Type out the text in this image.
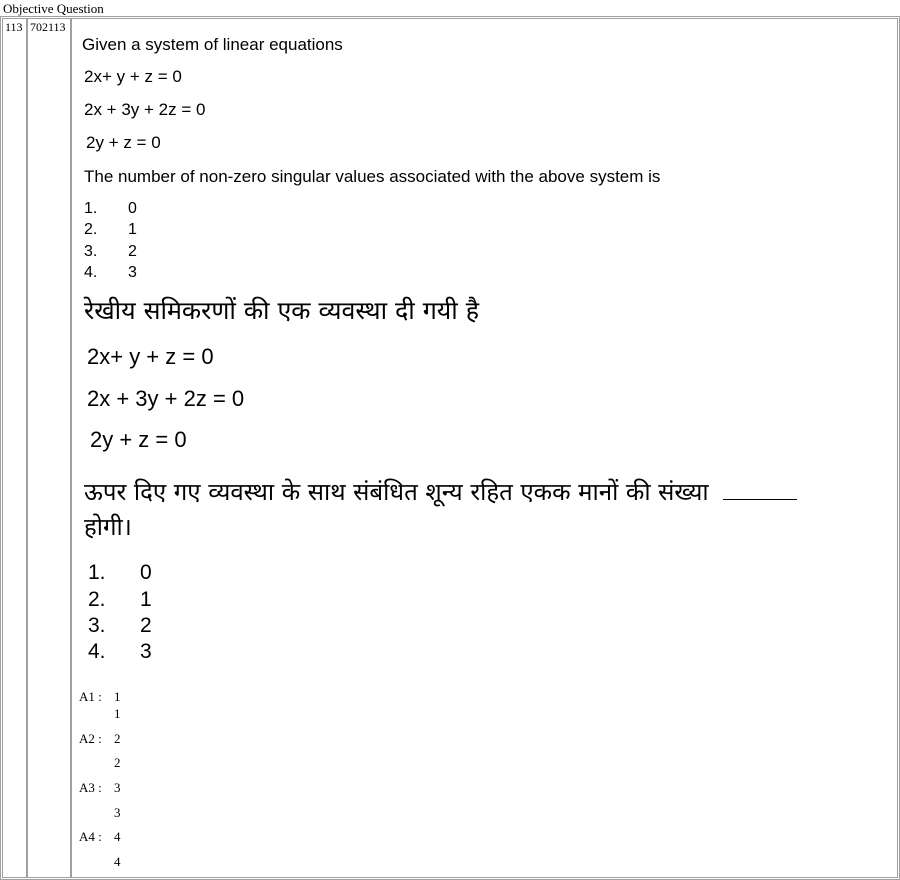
Objective Question
113 702113
Given a system of linear equations
2x+ y + z = 0
2x + 3y + 2z = 0
2y + z = 0
The number of non-zero singular values associated with the above system is
1. 0
2. 1
3. 2
4. 3
रेखीय समिकरणों की एक व्यवस्था दी गयी है
2x+ y + z = 0
2x + 3y + 2z = 0
2y + z = 0
ऊपर दिए गए व्यवस्था के साथ संबंधित शून्य रहित एकक मानों की संख्या
होगी।
1. 0
2. 1
3. 2
4. 3
A1 : 1
1
A2 : 2
2
A3 : 3
3
A4 : 4
4
